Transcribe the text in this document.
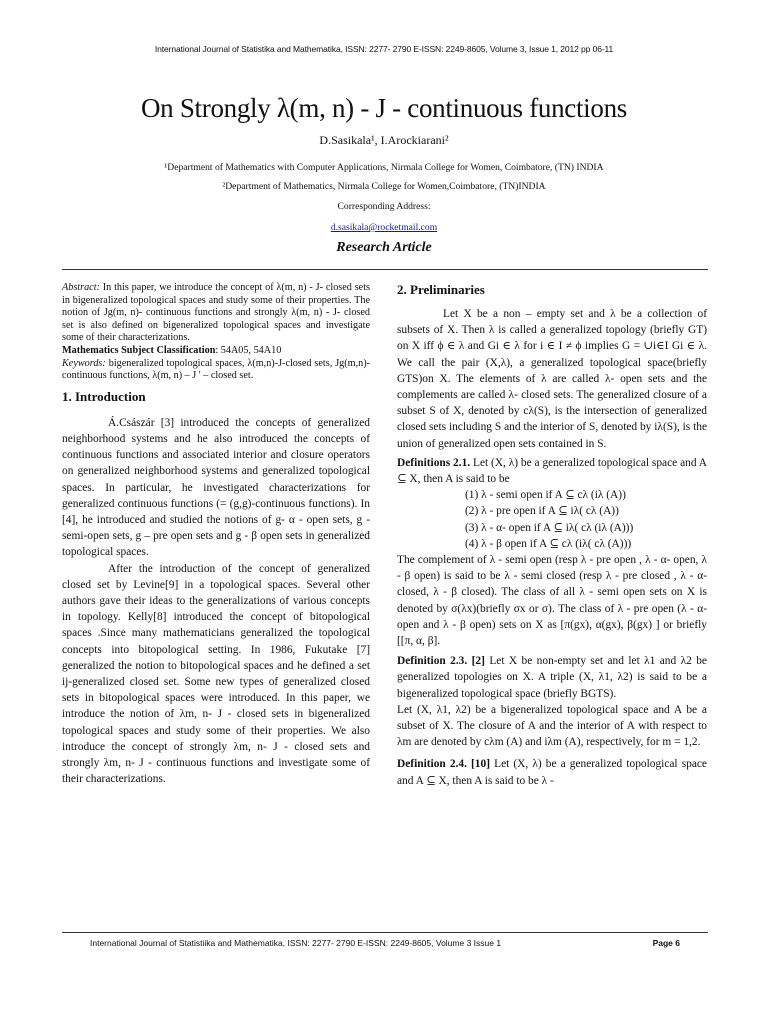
International Journal of Statistika and Mathematika, ISSN: 2277- 2790 E-ISSN: 2249-8605, Volume 3, Issue 1, 2012 pp 06-11
On Strongly λ(m, n) - J - continuous functions
D.Sasikala¹, I.Arockiarani²
¹Department of Mathematics with Computer Applications, Nirmala College for Women, Coimbatore, (TN) INDIA
²Department of Mathematics, Nirmala College for Women,Coimbatore, (TN)INDIA
Corresponding Address:
d.sasikala@rocketmail.com
Research Article

Abstract: In this paper, we introduce the concept of λ(m, n) - J- closed sets in bigeneralized topological spaces and study some of their properties. The notion of Jg(m, n)- continuous functions and strongly λ(m, n) - J- closed set is also defined on bigeneralized topological spaces and investigate some of their characterizations.

Mathematics Subject Classification: 54A05, 54A10

Keywords: bigeneralized topological spaces, λ(m,n)-J-closed sets, Jg(m,n)- continuous functions, λ(m, n) – J ' – closed set.

1. Introduction

Á.Császár [3] introduced the concepts of generalized neighborhood systems and he also introduced the concepts of continuous functions and associated interior and closure operators on generalized neighborhood systems and generalized topological spaces. In particular, he investigated characterizations for generalized continuous functions (= (g,g)-continuous functions). In [4], he introduced and studied the notions of g- α - open sets, g - semi-open sets, g – pre open sets and g - β open sets in generalized topological spaces.

After the introduction of the concept of generalized closed set by Levine[9] in a topological spaces. Several other authors gave their ideas to the generalizations of various concepts in topology. Kelly[8] introduced the concept of bitopological spaces .Since many mathematicians generalized the topological concepts into bitopological setting. In 1986, Fukutake [7] generalized the notion to bitopological spaces and he defined a set ij-generalized closed set. Some new types of generalized closed sets in bitopological spaces were introduced. In this paper, we introduce the notion of λm, n- J - closed sets in bigeneralized topological spaces and study some of their properties. We also introduce the concept of strongly λm, n- J - closed sets and strongly λm, n- J - continuous functions and investigate some of their characterizations.

2. Preliminaries

Let X be a non – empty set and λ be a collection of subsets of X. Then λ is called a generalized topology (briefly GT) on X iff ϕ ∈ λ and Gi ∈ λ for i ∈ I ≠ ϕ implies G = ∪i∈I Gi ∈ λ. We call the pair (X,λ), a generalized topological space(briefly GTS)on X. The elements of λ are called λ- open sets and the complements are called λ- closed sets. The generalized closure of a subset S of X, denoted by cλ(S), is the intersection of generalized closed sets including S and the interior of S, denoted by iλ(S), is the union of generalized open sets contained in S.

Definitions 2.1. Let (X, λ) be a generalized topological space and A ⊆ X, then A is said to be

(1) λ - semi open if A ⊆ cλ (iλ (A))

(2) λ - pre open if A ⊆ iλ( cλ (A))

(3) λ - α- open if A ⊆ iλ( cλ (iλ (A)))

(4) λ - β open if A ⊆ cλ (iλ( cλ (A)))

The complement of λ - semi open (resp λ - pre open , λ - α- open, λ - β open) is said to be λ - semi closed (resp λ - pre closed , λ - α- closed, λ - β closed). The class of all λ - semi open sets on X is denoted by σ(λx)(briefly σx or σ). The class of λ - pre open (λ - α- open and λ - β open) sets on X as [π(gx), α(gx), β(gx) ] or briefly [[π, α, β].

Definition 2.3. [2] Let X be non-empty set and let λ1 and λ2 be generalized topologies on X. A triple (X, λ1, λ2) is said to be a bigeneralized topological space (briefly BGTS).

Let (X, λ1, λ2) be a bigeneralized topological space and A be a subset of X. The closure of A and the interior of A with respect to λm are denoted by cλm (A) and iλm (A), respectively, for m = 1,2.

Definition 2.4. [10] Let (X, λ) be a generalized topological space and A ⊆ X, then A is said to be λ -

International Journal of Statistiika and Mathematika, ISSN: 2277- 2790 E-ISSN: 2249-8605, Volume 3 Issue 1	Page 6
